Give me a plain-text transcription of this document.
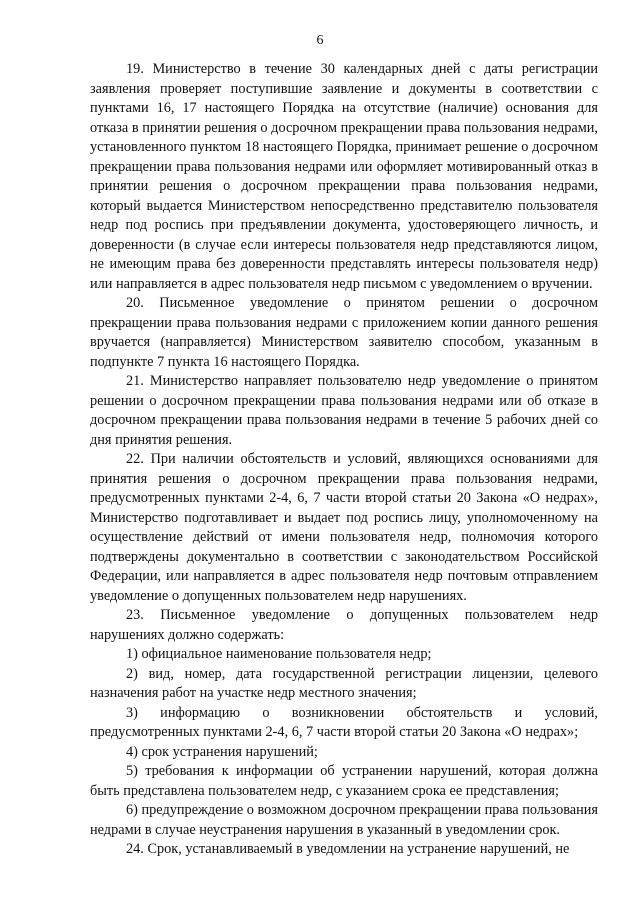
6

19. Министерство в течение 30 календарных дней с даты регистрации заявления проверяет поступившие заявление и документы в соответствии с пунктами 16, 17 настоящего Порядка на отсутствие (наличие) основания для отказа в принятии решения о досрочном прекращении права пользования недрами, установленного пунктом 18 настоящего Порядка, принимает решение о досрочном прекращении права пользования недрами или оформляет мотивированный отказ в принятии решения о досрочном прекращении права пользования недрами, который выдается Министерством непосредственно представителю пользователя недр под роспись при предъявлении документа, удостоверяющего личность, и доверенности (в случае если интересы пользователя недр представляются лицом, не имеющим права без доверенности представлять интересы пользователя недр) или направляется в адрес пользователя недр письмом с уведомлением о вручении.

20. Письменное уведомление о принятом решении о досрочном прекращении права пользования недрами с приложением копии данного решения вручается (направляется) Министерством заявителю способом, указанным в подпункте 7 пункта 16 настоящего Порядка.

21. Министерство направляет пользователю недр уведомление о принятом решении о досрочном прекращении права пользования недрами или об отказе в досрочном прекращении права пользования недрами в течение 5 рабочих дней со дня принятия решения.

22. При наличии обстоятельств и условий, являющихся основаниями для принятия решения о досрочном прекращении права пользования недрами, предусмотренных пунктами 2-4, 6, 7 части второй статьи 20 Закона «О недрах», Министерство подготавливает и выдает под роспись лицу, уполномоченному на осуществление действий от имени пользователя недр, полномочия которого подтверждены документально в соответствии с законодательством Российской Федерации, или направляется в адрес пользователя недр почтовым отправлением уведомление о допущенных пользователем недр нарушениях.

23. Письменное уведомление о допущенных пользователем недр нарушениях должно содержать:

1) официальное наименование пользователя недр;

2) вид, номер, дата государственной регистрации лицензии, целевого назначения работ на участке недр местного значения;

3) информацию о возникновении обстоятельств и условий, предусмотренных пунктами 2-4, 6, 7 части второй статьи 20 Закона «О недрах»;

4) срок устранения нарушений;

5) требования к информации об устранении нарушений, которая должна быть представлена пользователем недр, с указанием срока ее представления;

6) предупреждение о возможном досрочном прекращении права пользования недрами в случае неустранения нарушения в указанный в уведомлении срок.

24. Срок, устанавливаемый в уведомлении на устранение нарушений, не
